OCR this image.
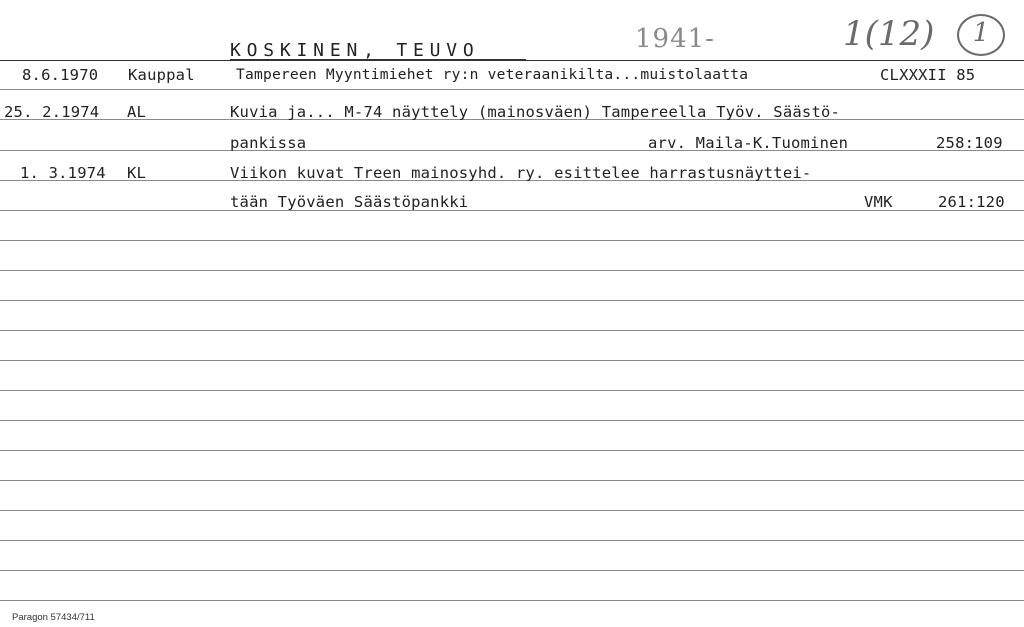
KOSKINEN, TEUVO	1941-	1(12)	1
8.6.1970 Kauppal	Tampereen Myyntimiehet ry:n veteraanikilta...muistolaatta	CLXXXII 85
25. 2.1974 AL	Kuvia ja... M-74 näyttely (mainosväen) Tampereella Työv. Säästö-
pankissa	arv. Maila-K.Tuominen	258:109
1. 3.1974 KL	Viikon kuvat Treen mainosyhd. ry. esittelee harrastusnäyttei-
tään Työväen Säästöpankki	VMK	261:120
Paragon 57434/711
